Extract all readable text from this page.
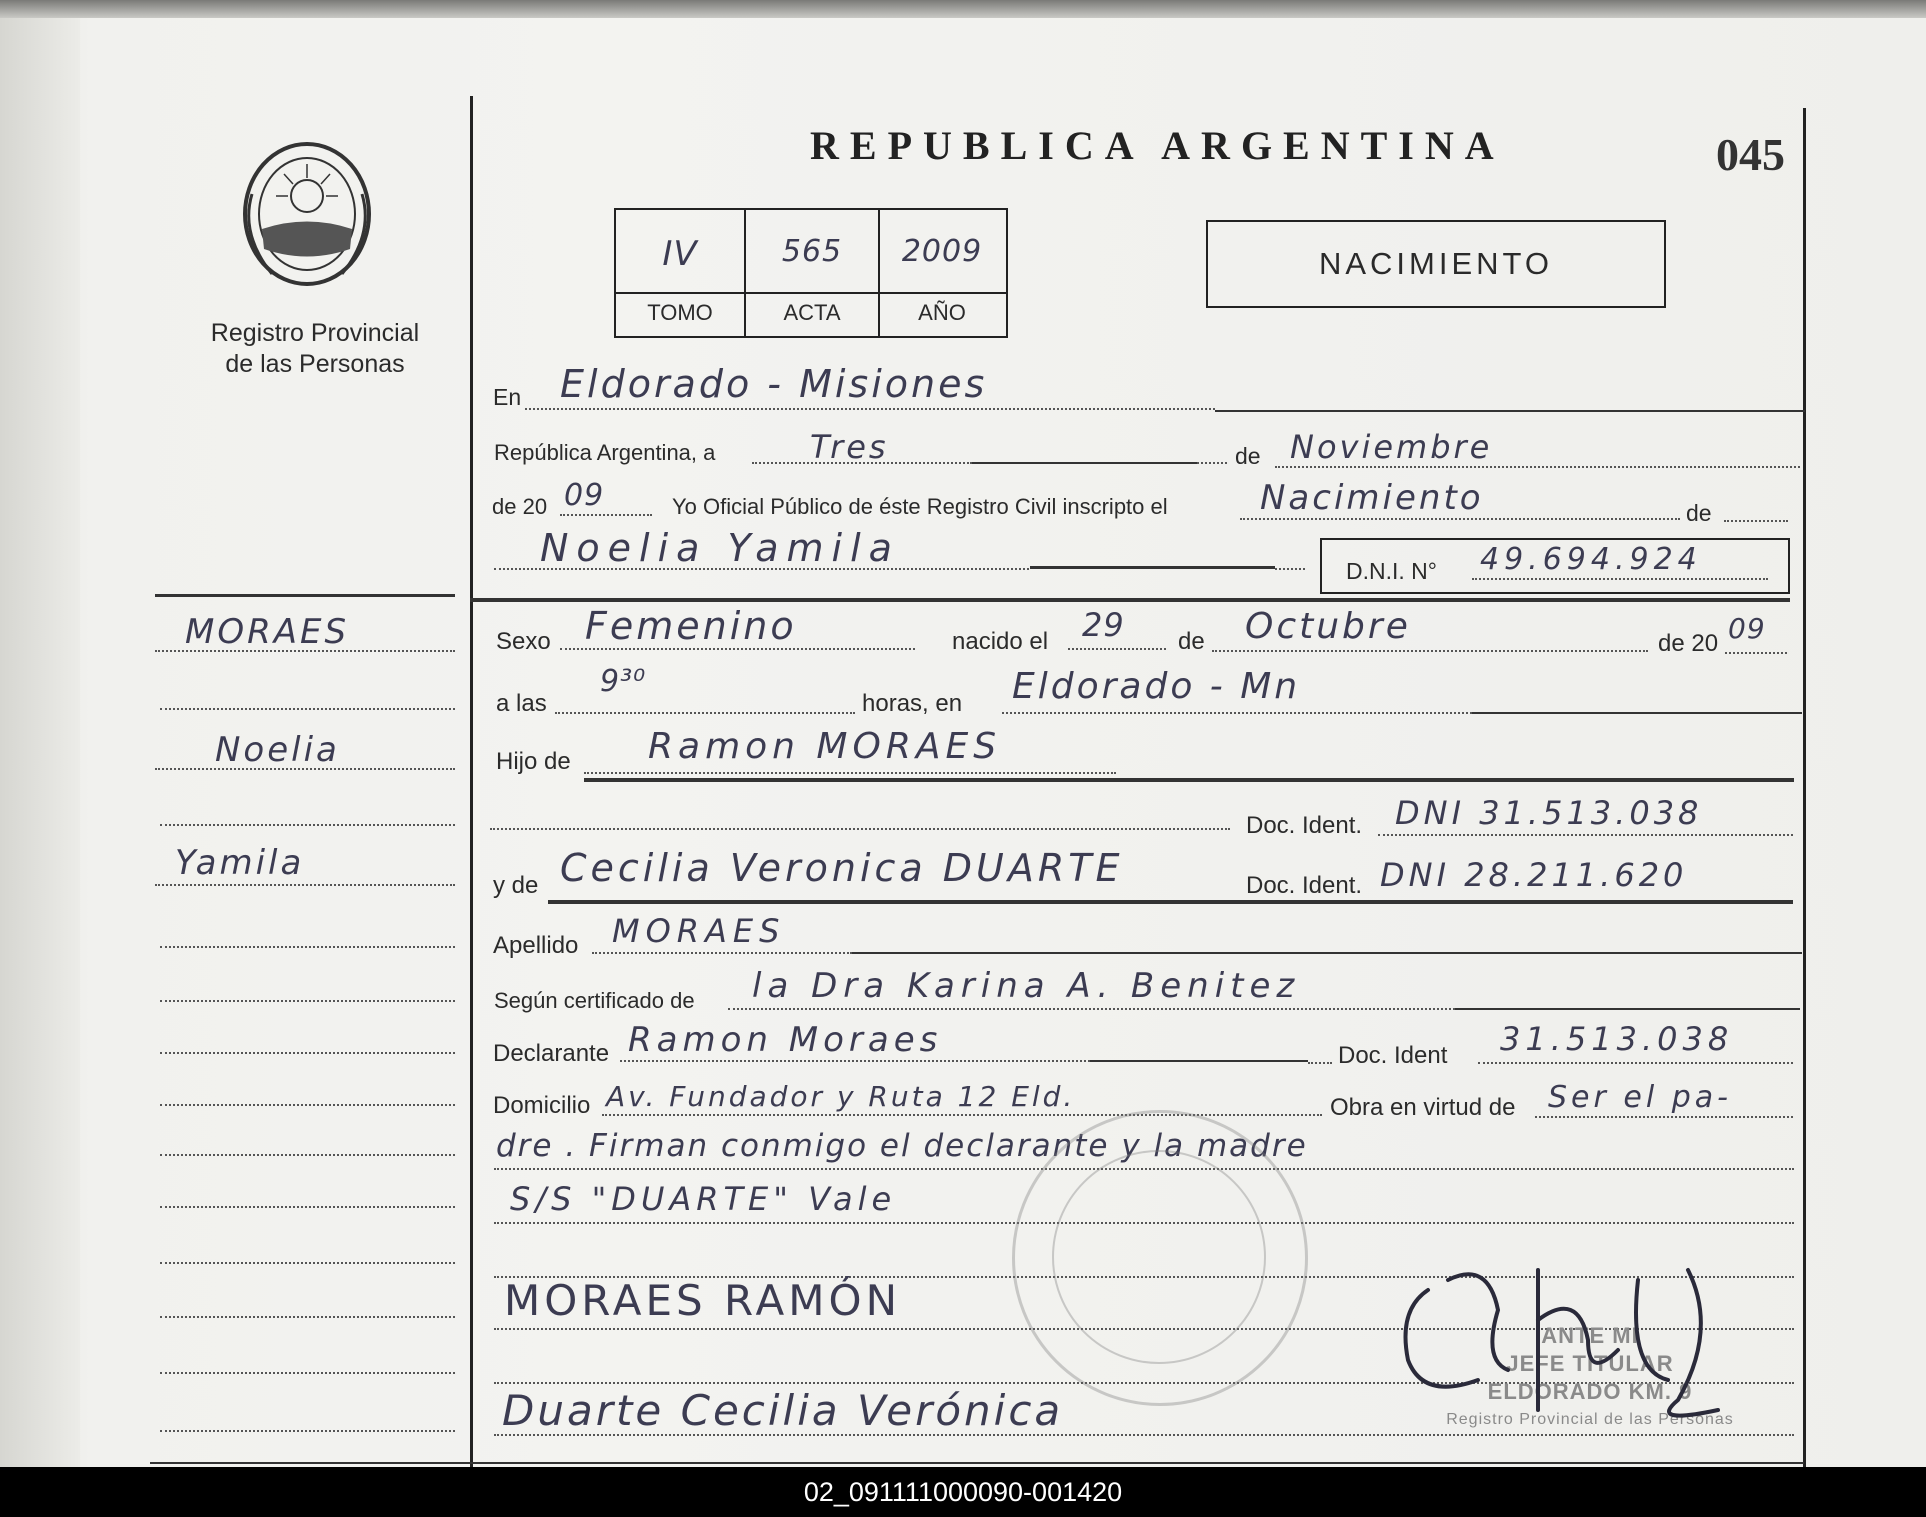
Registro Provincial
de las Personas
MORAES
Noelia
Yamila
REPUBLICA ARGENTINA	045
IV	565	2009
TOMO	ACTA	AÑO
NACIMIENTO
En Eldorado - Misiones
República Argentina, a	Tres	de Noviembre
de 20 09	Yo Oficial Público de éste Registro Civil inscripto el	Nacimiento	de
Noelia Yamila
D.N.I. N° 49.694.924
Sexo Femenino	nacido el 29 de Octubre	de 20 09
a las
9³⁰
horas, en Eldorado - Mn
Hijo de Ramon MORAES
Doc. Ident. DNI 31.513.038
y de Cecilia Veronica DUARTE	Doc. Ident. DNI 28.211.620
Apellido MORAES
Según certificado de la Dra Karina A. Benitez
Declarante Ramon Moraes	Doc. Ident 31.513.038
Domicilio Av. Fundador y Ruta 12 Eld.	Obra en virtud de Ser el pa-
dre . Firman conmigo el declarante y la madre
S/S "DUARTE" Vale
MORAES RAMÓN
Duarte Cecilia Verónica
ANTE MI
JEFE TITULAR
ELDORADO KM. 9
Registro Provincial de las Personas
02_091111000090-001420
